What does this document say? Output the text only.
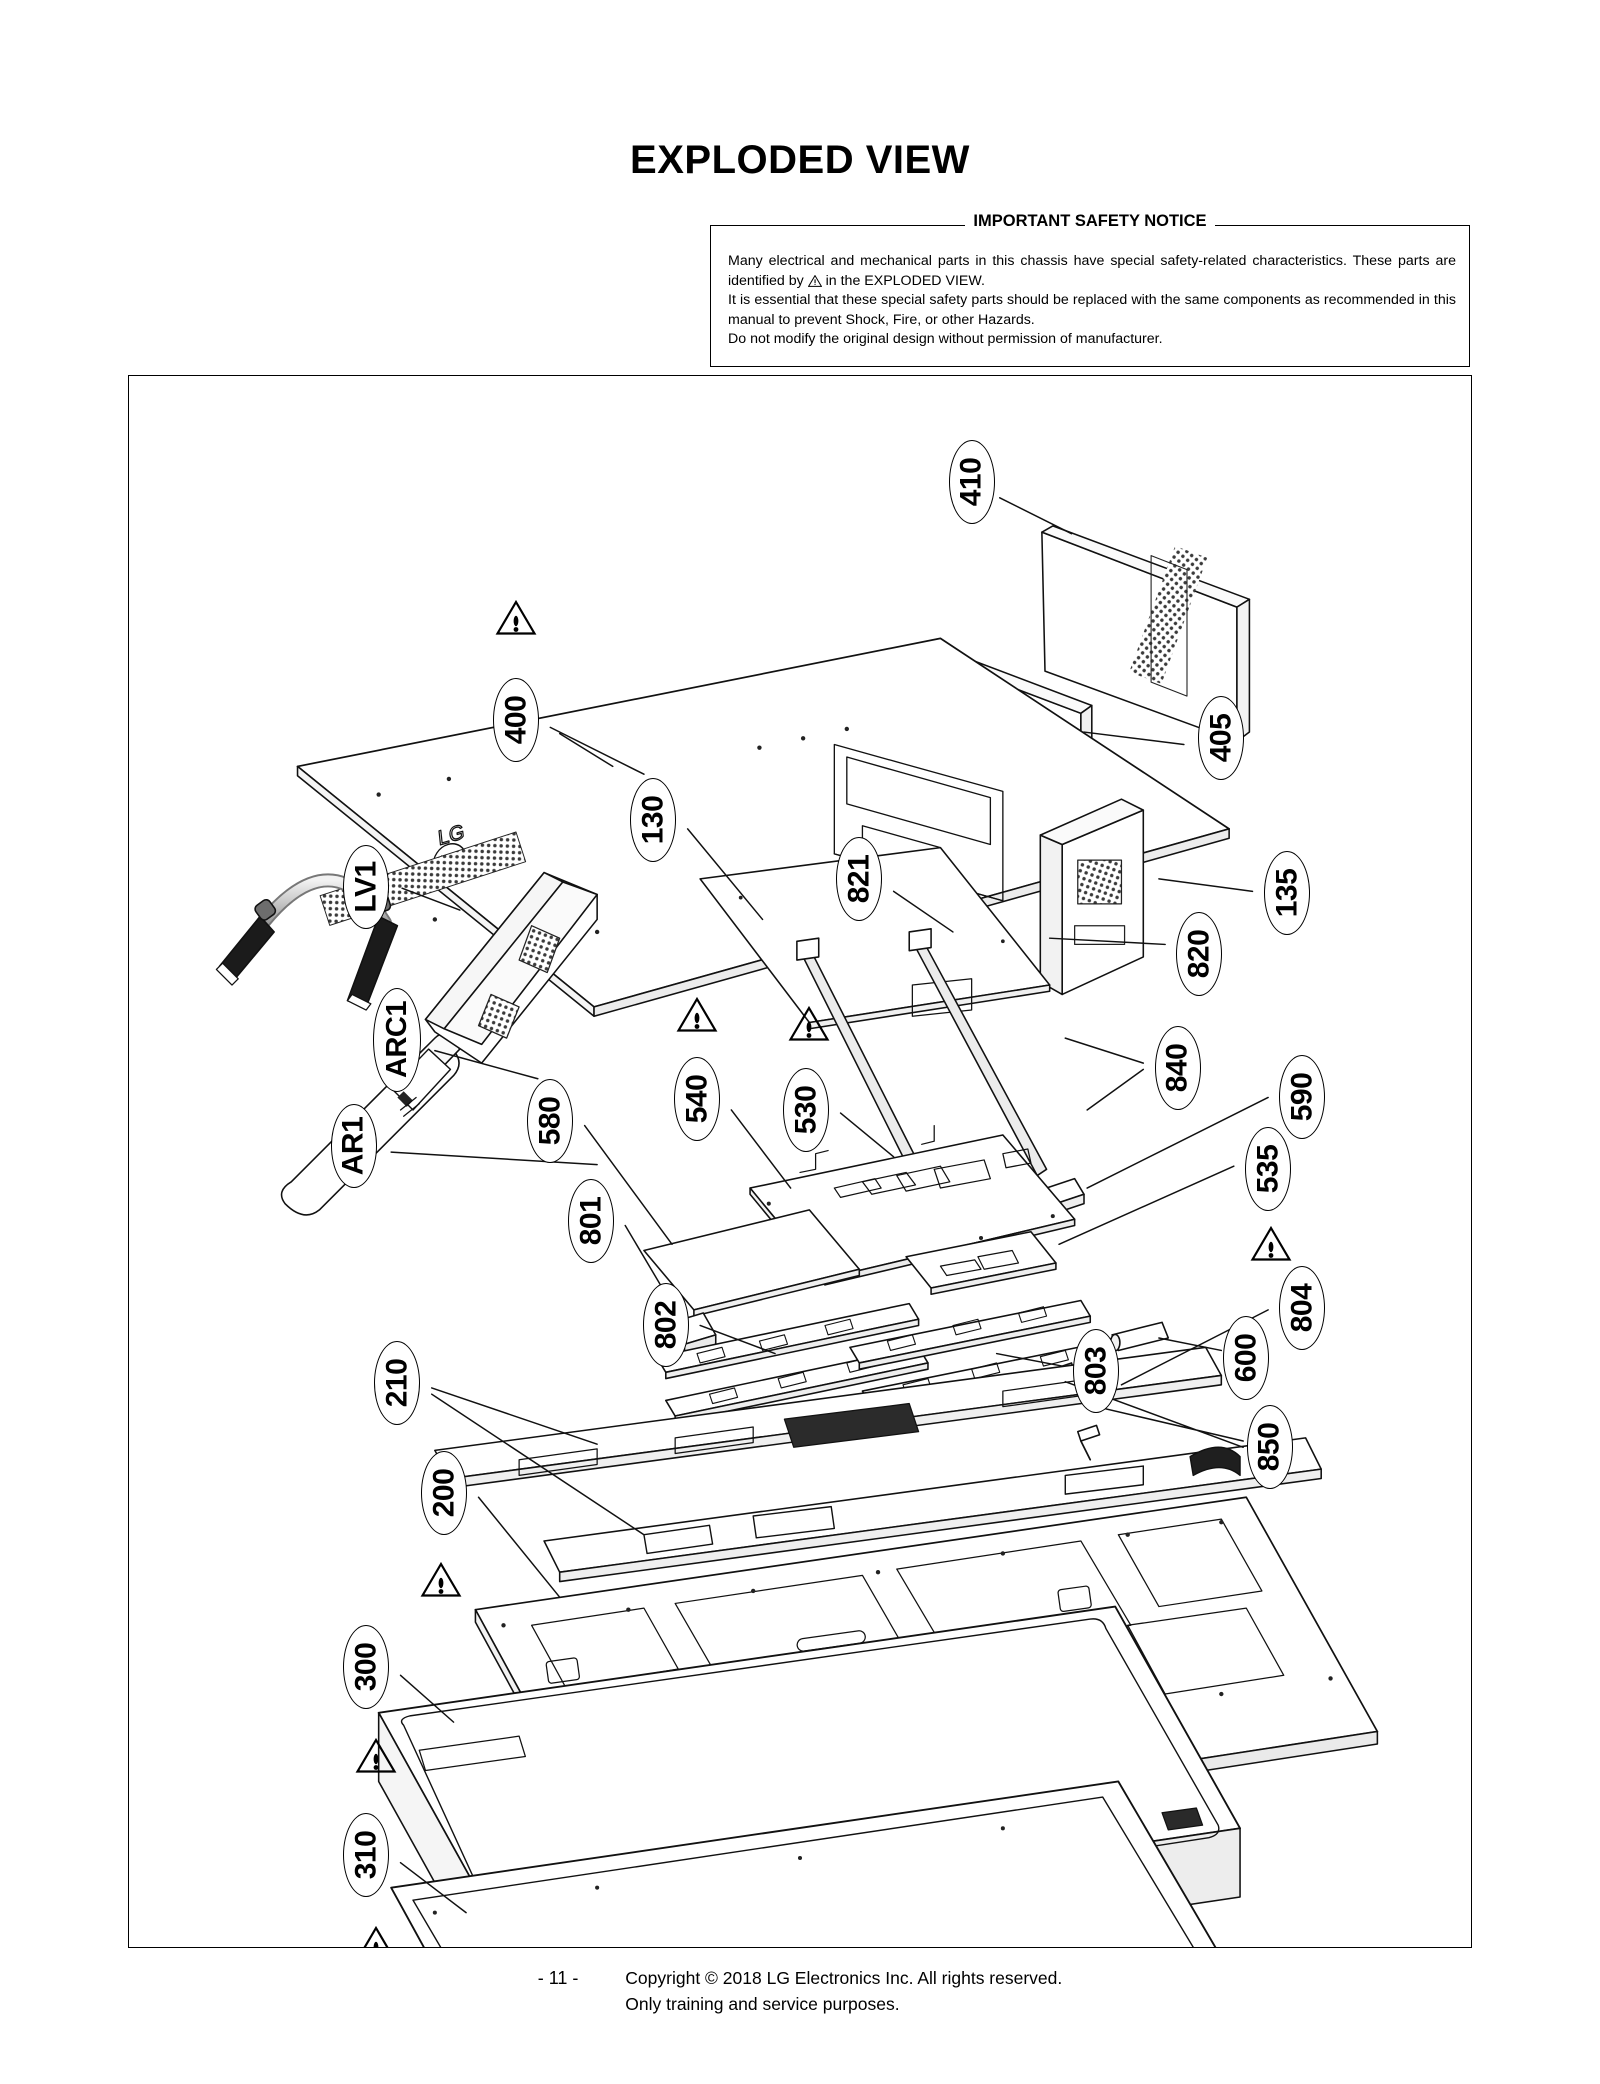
EXPLODED VIEW
IMPORTANT SAFETY NOTICE
Many electrical and mechanical parts in this chassis have special safety-related characteristics. These parts are identified by in the EXPLODED VIEW.
It is essential that these special safety parts should be replaced with the same components as recommended in this manual to prevent Shock, Fire, or other Hazards.
Do not modify the original design without permission of manufacturer.
LG
410
400	405
LV1
130
ARC1
AR1
821	135
820
840
590
540	530
580
535
801
802	804
600
803
210
850
200
300
310
- 11 -	Copyright © 2018 LG Electronics Inc. All rights reserved.
Only training and service purposes.
